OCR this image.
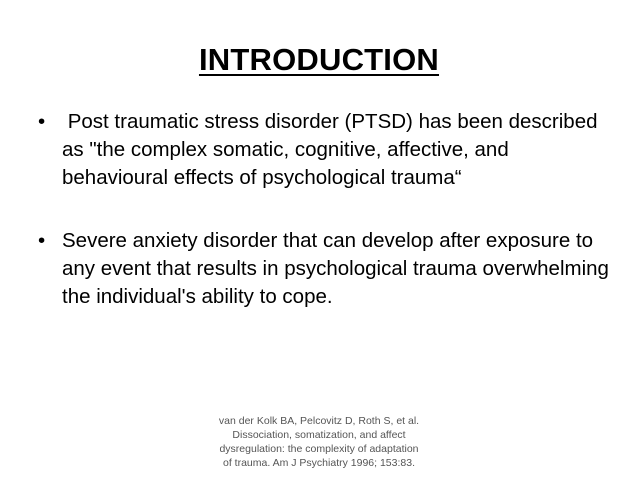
INTRODUCTION
• Post traumatic stress disorder (PTSD) has been described as "the complex somatic, cognitive, affective, and behavioural effects of psychological trauma“
• Severe anxiety disorder that can develop after exposure to any event that results in psychological trauma overwhelming the individual's ability to cope.
van der Kolk BA, Pelcovitz D, Roth S, et al.
Dissociation, somatization, and affect
dysregulation: the complexity of adaptation
of trauma. Am J Psychiatry 1996; 153:83.
